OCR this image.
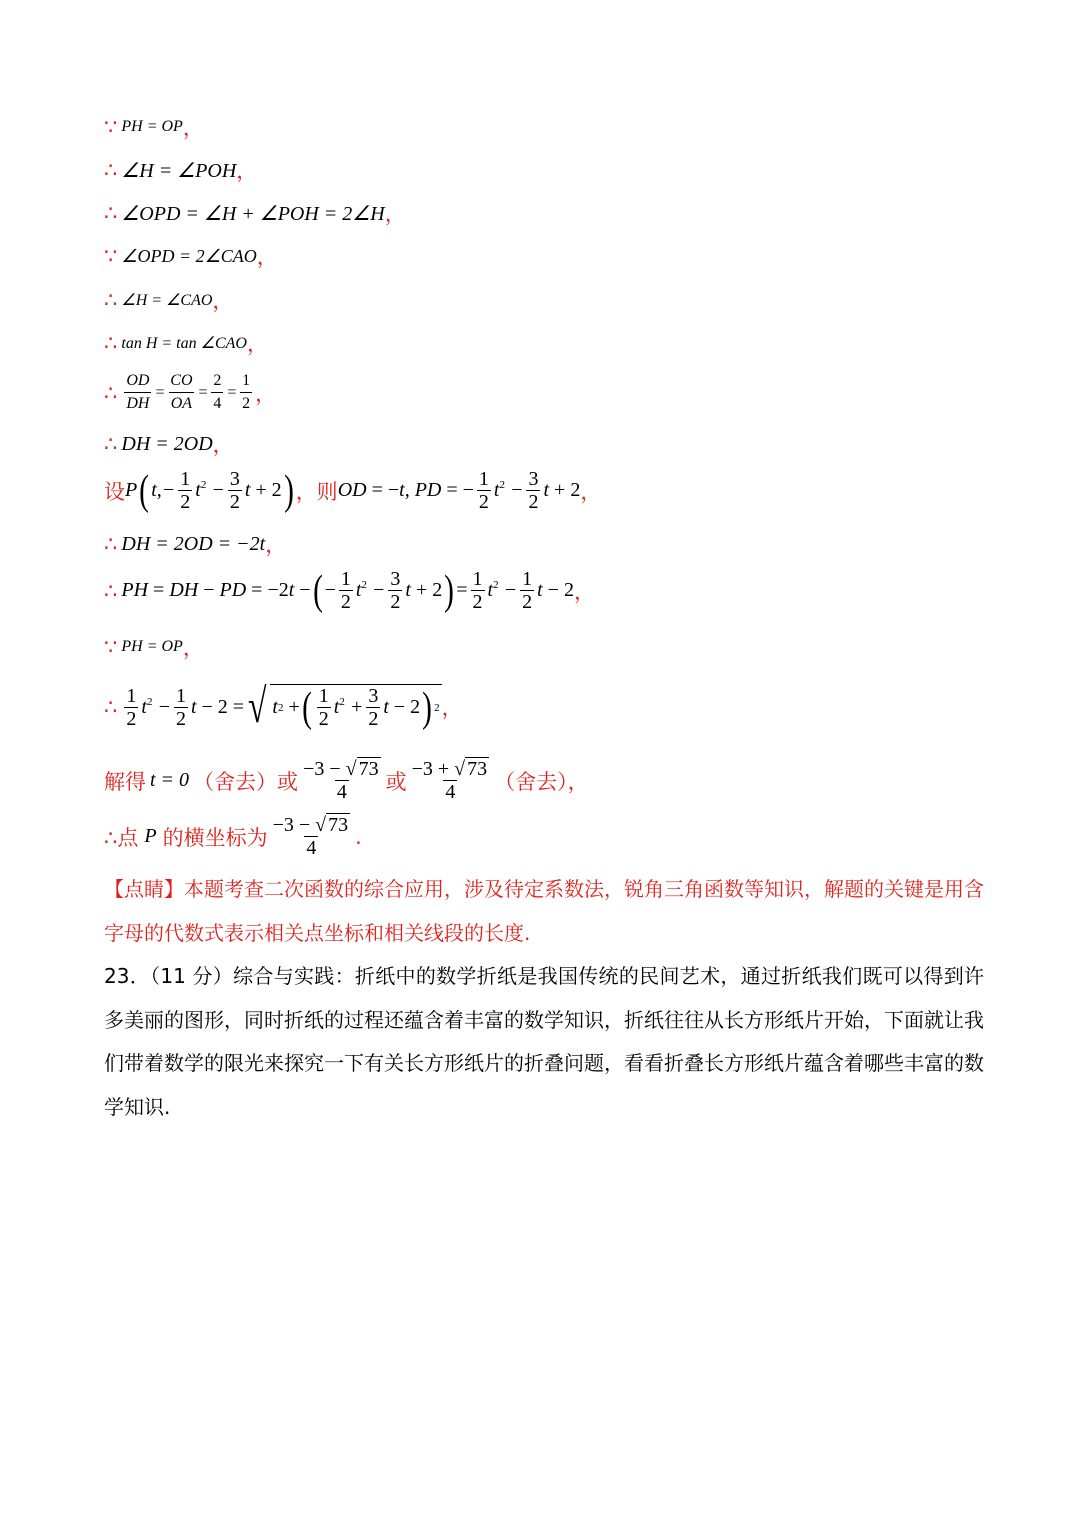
∵ PH = OP ，
∴ ∠H = ∠POH ，
∴ ∠OPD = ∠H + ∠POH = 2∠H ，
∵ ∠OPD = 2∠CAO ，
∴ ∠H = ∠CAO ，
∴ tan H = tan ∠CAO ，
∴ $\frac{OD}{DH} = \frac{CO}{OA} = \frac{2}{4} = \frac{1}{2}$ ，
∴ DH = 2OD ，
设 P ( $t,- \frac{1}{2} t^2 - \frac{3}{2}$ t + 2 ) ，则 OD = − t, PD = − $\frac{1}{2} t^2 - \frac{3}{2}$ t + 2 ，
∴ DH = 2OD = −2t ，
∴ PH = DH − PD = −2 t − ( − $\frac{1}{2} t^2 - \frac{3}{2}$ t + 2 ) = $\frac{1}{2} t^2 - \frac{1}{2}$ t − 2 ，
∵ PH = OP ，
∴ $\frac{1}{2} t^2 - \frac{1}{2}$ t − 2 = √ t 2 + ( $\frac{1}{2} t^2 + \frac{3}{2}$ t − 2 ) 2 ，
解得 t = 0 （舍去）或 $\frac{-3 - √ 73}{4}$ 或 $\frac{-3 + √ 73}{4}$ （舍去），
∴点 P 的横坐标为 $\frac{-3 - √ 73}{4}$ .
【点睛】本题考查二次函数的综合应用，涉及待定系数法，锐角三角函数等知识，解题的关键是用含字母的代数式表示相关点坐标和相关线段的长度.
23．（11 分）综合与实践：折纸中的数学折纸是我国传统的民间艺术，通过折纸我们既可以得到许多美丽的图形，同时折纸的过程还蕴含着丰富的数学知识，折纸往往从长方形纸片开始，下面就让我们带着数学的限光来探究一下有关长方形纸片的折叠问题，看看折叠长方形纸片蕴含着哪些丰富的数学知识.
